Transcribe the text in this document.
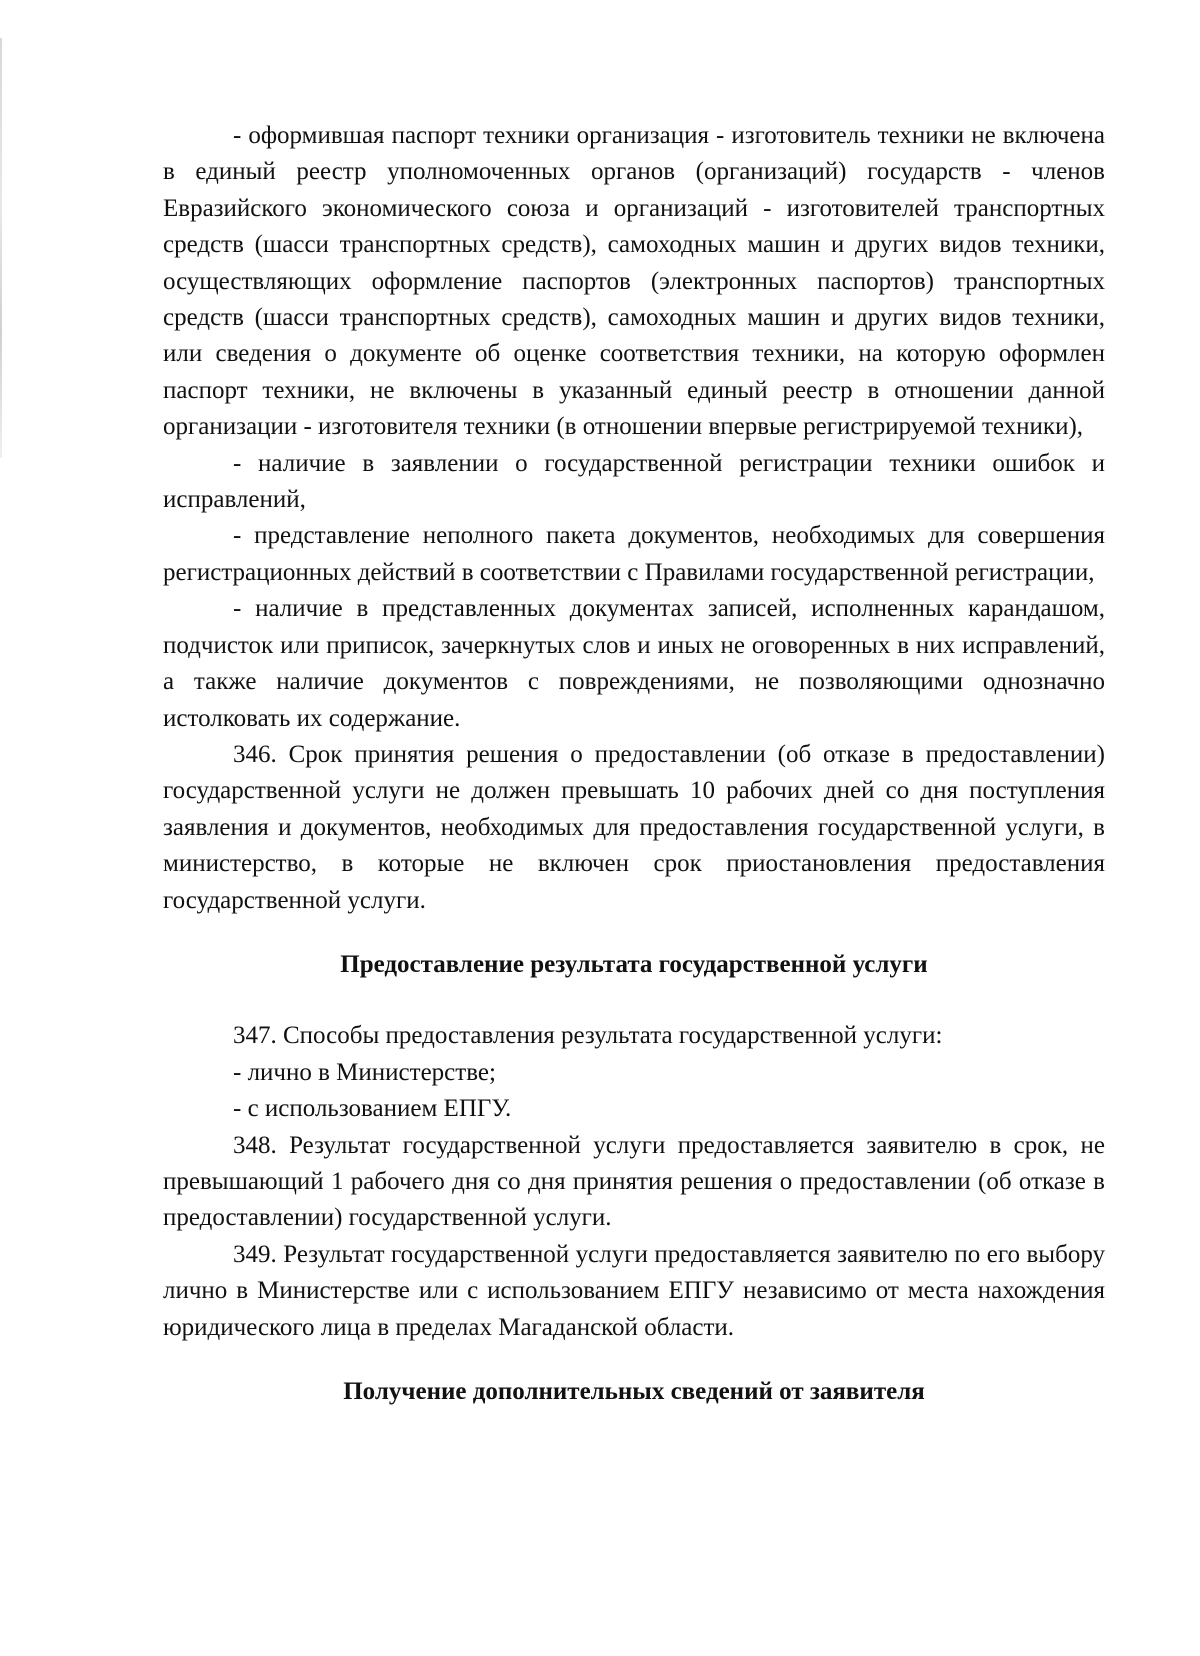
- оформившая паспорт техники организация - изготовитель техники не включена в единый реестр уполномоченных органов (организаций) государств - членов Евразийского экономического союза и организаций - изготовителей транспортных средств (шасси транспортных средств), самоходных машин и других видов техники, осуществляющих оформление паспортов (электронных паспортов) транспортных средств (шасси транспортных средств), самоходных машин и других видов техники, или сведения о документе об оценке соответствия техники, на которую оформлен паспорт техники, не включены в указанный единый реестр в отношении данной организации - изготовителя техники (в отношении впервые регистрируемой техники),

- наличие в заявлении о государственной регистрации техники ошибок и исправлений,

- представление неполного пакета документов, необходимых для совершения регистрационных действий в соответствии с Правилами государственной регистрации,

- наличие в представленных документах записей, исполненных карандашом, подчисток или приписок, зачеркнутых слов и иных не оговоренных в них исправлений, а также наличие документов с повреждениями, не позволяющими однозначно истолковать их содержание.

346. Срок принятия решения о предоставлении (об отказе в предоставлении) государственной услуги не должен превышать 10 рабочих дней со дня поступления заявления и документов, необходимых для предоставления государственной услуги, в министерство, в которые не включен срок приостановления предоставления государственной услуги.

Предоставление результата государственной услуги

347. Способы предоставления результата государственной услуги:

- лично в Министерстве;

- с использованием ЕПГУ.

348. Результат государственной услуги предоставляется заявителю в срок, не превышающий 1 рабочего дня со дня принятия решения о предоставлении (об отказе в предоставлении) государственной услуги.

349. Результат государственной услуги предоставляется заявителю по его выбору лично в Министерстве или с использованием ЕПГУ независимо от места нахождения юридического лица в пределах Магаданской области.

Получение дополнительных сведений от заявителя
